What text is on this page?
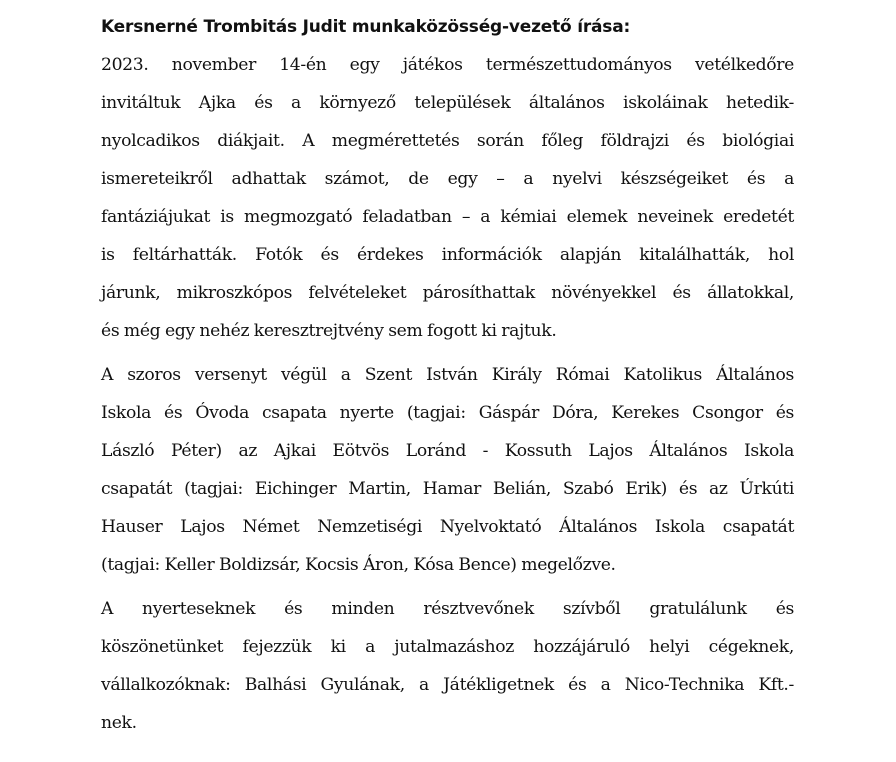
Kersnerné Trombitás Judit munkaközösség-vezető írása:
2023. november 14-én egy játékos természettudományos vetélkedőre
invitáltuk Ajka és a környező települések általános iskoláinak hetedik-
nyolcadikos diákjait. A megmérettetés során főleg földrajzi és biológiai
ismereteikről adhattak számot, de egy – a nyelvi készségeiket és a
fantáziájukat is megmozgató feladatban – a kémiai elemek neveinek eredetét
is feltárhatták. Fotók és érdekes információk alapján kitalálhatták, hol
járunk, mikroszkópos felvételeket párosíthattak növényekkel és állatokkal,
és még egy nehéz keresztrejtvény sem fogott ki rajtuk.
A szoros versenyt végül a Szent István Király Római Katolikus Általános
Iskola és Óvoda csapata nyerte (tagjai: Gáspár Dóra, Kerekes Csongor és
László Péter) az Ajkai Eötvös Loránd - Kossuth Lajos Általános Iskola
csapatát (tagjai: Eichinger Martin, Hamar Belián, Szabó Erik) és az Úrkúti
Hauser Lajos Német Nemzetiségi Nyelvoktató Általános Iskola csapatát
(tagjai: Keller Boldizsár, Kocsis Áron, Kósa Bence) megelőzve.
A nyerteseknek és minden résztvevőnek szívből gratulálunk és
köszönetünket fejezzük ki a jutalmazáshoz hozzájáruló helyi cégeknek,
vállalkozóknak: Balhási Gyulának, a Játékligetnek és a Nico-Technika Kft.-
nek.
